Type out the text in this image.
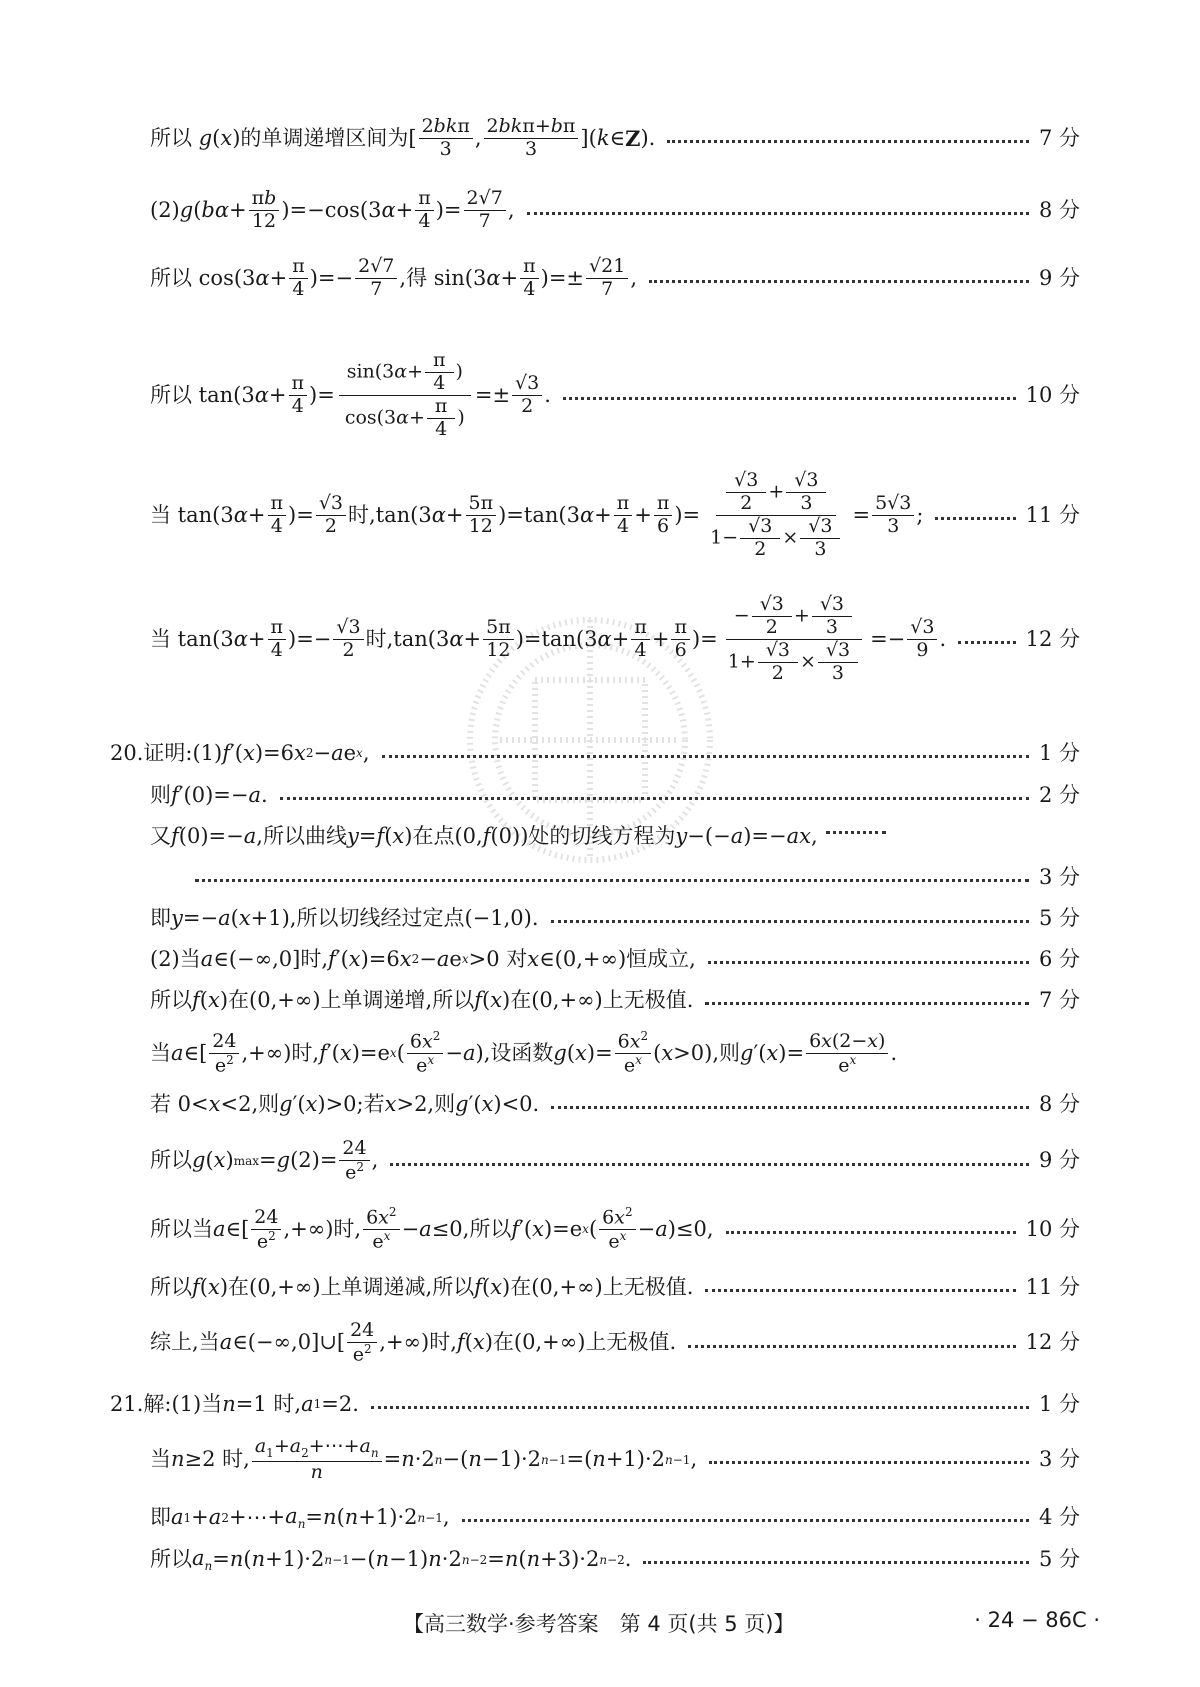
所以 g ( x )的单调递增区间为[ $\frac{\text{2bkπ}}{3}$ , $\frac{\text{2bkπ+bπ}}{3}$ ]( k ∈ Z ).	7 分
(2) g ( $b\alpha + \frac{\pi b}{12} )=-\cos(3$ $\alpha + \frac{\pi}{4}$ )= $\frac{2√7}{7}$ ,	8 分
所以 cos(3 $\alpha + \frac{\pi}{4}$ )=− $\frac{2√7}{7}$ ,得 sin(3 $\alpha + \frac{\pi}{4}$ )=± $\frac{√21}{7}$ ,	9 分
所以 tan(3 $\alpha + \frac{\pi}{4}$ )= $\frac{\sin(3\alpha+ \frac{\pi}{4} )}{\cos(3\alpha+ \frac{\pi}{4} )} =\pm \frac{√3}{2}$ .	10 分
当 tan(3 $\alpha + \frac{\pi}{4}$ )= $\frac{√3}{2}$ 时,tan(3 $\alpha + \frac{5\pi}{12} )=\tan(3$ $\alpha + \frac{\pi}{4} + \frac{\pi}{6}$ )= $\frac{\frac{√3}{2} + \frac{√3}{3}}{1- \frac{√3}{2} \times \frac{√3}{3}} = \frac{5√3}{3}$ ;	11 分
当 tan(3 $\alpha + \frac{\pi}{4}$ )=− $\frac{√3}{2}$ 时,tan(3 $\alpha + \frac{5\pi}{12} )=\tan(3$ $\alpha + \frac{\pi}{4} + \frac{\pi}{6}$ )= $\frac{- \frac{√3}{2} + \frac{√3}{3}}{1+ \frac{√3}{2} \times \frac{√3}{3}} =- \frac{√3}{9}$ .	12 分
20.证明:(1) f ′( x )=6 x 2 − a e x ,	1 分
则 f ′(0)=− a .	2 分
又 f (0)=− a ,所以曲线 y = f ( x )在点(0, f (0))处的切线方程为 y −(− a )=− ax ,
3 分
即 y =− a ( x +1),所以切线经过定点(−1,0).	5 分
(2)当 a ∈(−∞,0]时, f ′( x )=6 x 2 − a e x >0 对 x ∈(0,+∞)恒成立,	6 分
所以 f ( x )在(0,+∞)上单调递增,所以 f ( x )在(0,+∞)上无极值.	7 分
当 a ∈[ $\frac{24}{e^2}$ ,+∞)时, f ′( x )=e x ( $\frac{6x^2}{e^x} - a$ ),设函数 g ( x )= $\frac{6x^2}{e^x}$ ( x >0),则 g ′( x )= $\frac{6x(2-x)}{e^x}$ .
若 0< x <2,则 g ′( x )>0;若 x >2,则 g ′( x )<0.	8 分
所以 g ( x ) max = g $(2)= \frac{24}{e^2}$ ,	9 分
所以当 a ∈[ $\frac{24}{e^2}$ ,+∞)时, $\frac{6x^2}{e^x} - a \le 0$,所以 f ′( x )=e x ( $\frac{6x^2}{e^x} - a$ )≤0,	10 分
所以 f ( x )在(0,+∞)上单调递减,所以 f ( x )在(0,+∞)上无极值.	11 分
综上,当 a ∈(−∞,0]∪[ $\frac{24}{e^2}$ ,+∞)时, f ( x )在(0,+∞)上无极值.	12 分
21.解:(1)当 n =1 时, a 1 =2.	1 分
当 n ≥2 时, $\frac{a_1+a_2+\cdots+a_n}{n} = n \cdot 2$ n −( n −1)·2 n−1 =( n +1)·2 n−1 ,	3 分
即 a 1 + a 2 +⋯+ $a_n = n$ ( n +1)·2 n−1 ,	4 分
所以 $a_n = n$ ( n +1)·2 n−1 −( n −1) n ·2 n−2 = n ( n +3)·2 n−2 .	5 分
【高三数学·参考答案　第 4 页(共 5 页)】	· 24 − 86C ·
